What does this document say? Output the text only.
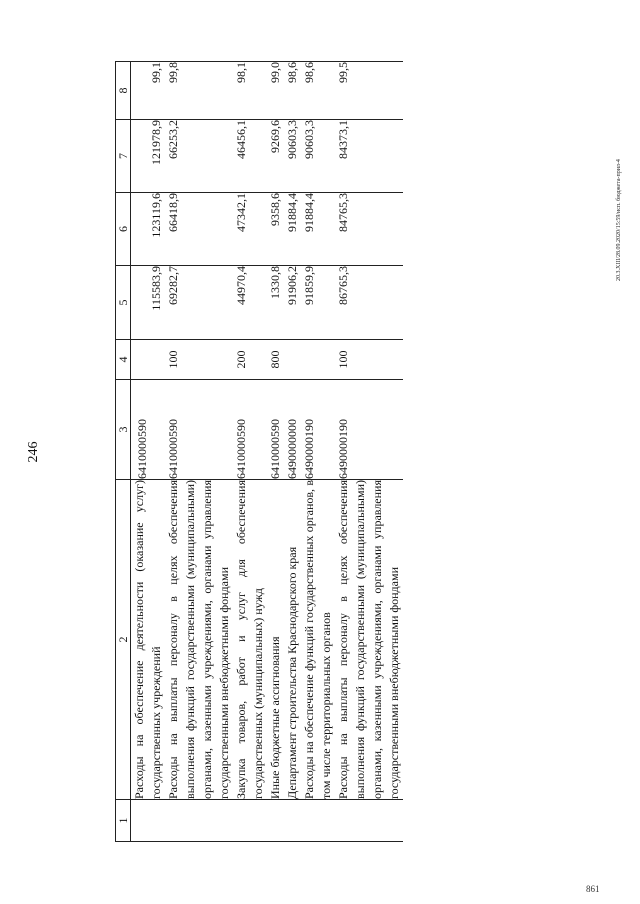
246
20.3.XIII/28.09.2020/15:59/исп. бюджета-прил-4
861
1	2	3	4	5	6	7	8
	Расходы на обеспечение деятельности (оказание услуг) государственных учреждений	6410000590		115583,9	123119,6	121978,9	99,1
	Расходы на выплаты персоналу в целях обеспечения выполнения функций государственными (муниципальными) органами, казенными учреждениями, органами управления государственными внебюджетными фондами	6410000590	100	69282,7	66418,9	66253,2	99,8
	Закупка товаров, работ и услуг для обеспечения государственных (муниципальных) нужд	6410000590	200	44970,4	47342,1	46456,1	98,1
	Иные бюджетные ассигнования	6410000590	800	1330,8	9358,6	9269,6	99,0
	Департамент строительства Краснодарского края	6490000000		91906,2	91884,4	90603,3	98,6
	Расходы на обеспечение функций государственных органов, в том числе территориальных органов	6490000190		91859,9	91884,4	90603,3	98,6
	Расходы на выплаты персоналу в целях обеспечения выполнения функций государственными (муниципальными) органами, казенными учреждениями, органами управления государственными внебюджетными фондами	6490000190	100	86765,3	84765,3	84373,1	99,5
